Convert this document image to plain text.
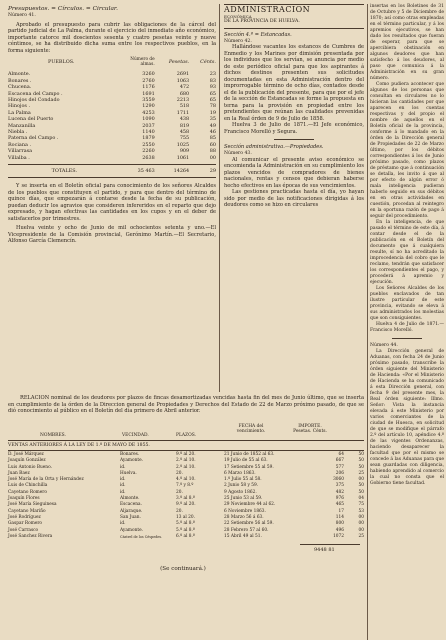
Presupuestos. = Círculos. = Circular.

Número 41.

Aprobado el presupuesto para cubrir las obligaciones de la cárcel del partido judicial de La Palma, durante el ejercicio del inmediato año económico, importante catorce mil doscientos sesenta y cuatro pesetas veinte y nueve céntimos, se ha distribuido dicha suma entre los respectivos pueblos, en la forma siguiente:

PUEBLOS.	Número de almas.	Pesetas.	Cénts.

Almonte.	3260	2691	23
Bonares .	2760	1063	83
Chucena.	1176	472	93
Escacena del Campo .	1691	680	65
Hinojos del Condado	3559	2213	65
Hinojos .	1290	518	78
La Palma	4253	1711	19
Lucena del Puerto	1090	438	35
Manzanilla	2037	819	49
Niebla .	1140	458	46
Paterna del Campo .	1879	755	85
Rociana .	2550	1025	60
Villarrasa	2260	909	88
Villalba .	2638	1061	00

TOTALES.	35 463	14264	29

Y se inserta en el Boletín oficial para conocimiento de los señores Alcaldes de los pueblos que constituyen el partido, y para que dentro del término de quince días, que empezarán á contarse desde la fecha de su publicación, puedan deducir los agravios que consideren infereridos en el reparto que dejo expresado, y hagan efectivas las cantidades en los cupos y en el deber de satisfacerlos por trimestres.

Huelva veinte y ocho de Junio de mil ochocientos setenta y uno.—El Vicepresidente de la Comisión provincial, Gerónimo Martín.—El Secretario, Alfonso García Clemencín.

ADMINISTRACION

ECONÓMICA

DE LA PROVINCIA DE HUELVA.

Sección 4.ª = Estancadas.

Número 42.

Hallándose vacantes los estancos de Cumbres de Enmedio y los Marines por dimisión presentada por los individuos que los servían, se anuncia por medio de este periódico oficial para que los aspirantes á dichos destinos presenten sus solicitudes documentadas en esta Administración dentro del improrrogable término de ocho días, contados desde el de la publicación del presente, para que por el jefe de la sección de Estancadas se forme la propuesta en terna para la provisión en propiedad entre los pretendientes que reúnan las cualidades prevenidas en la Real órden de 9 de Julio de 1858.

Huelva 3 de Julio de 1871.—El Jefe económico, Francisco Morelló y Segura.

Sección administrativa.—Propiedades.

Número 43.

Al comunicar el presente aviso económico se encomienda la Administración en su cumplimiento los plazos vencidos de compradores de bienes nacionales, rentas y censos que debieran haberse hecho efectivos en las épocas de sus vencimientos.

Las gestiones practicadas hasta el día, yo hayan sido por medio de las notificaciones dirigidas á los deudores como se hizo en circulares

insertas en los Boletines de 31 de Octubre y 5 de Diciembre de 1870; así como otras empleadas en el término particular, y á los apremios ejecutivos, se han dado los resultados que fueran de esperar, para que se apercibiera obstinación en algunos deudores que han satisfecho á los deudores, al paso que comunica á la Administración en su gran número.

Como pudiera acontecer que algunos de los personas que consultan en circulares no lo hicieran las cantidades por que aparecen en los cuentas respectivas y del propio el nombre de aquellos en el Boletín oficial de la provincia, conforme á lo mandado en la órden de la Dirección general de Propiedades de 22 de Marzo último, por los débitos correspondientes á los de Junio próximo pasado, como plazos de préstamo que á continuación se detalla, les invito á que al por efecto de algún error ó mala inteligencia pudieran haberlo seguido en sus débitos en en otras actividades en cuestión, procedan al reintegro en la oportuna razón de pago á seguir del procedimiento.

En la inteligencia, de que pasado el término de este día, á contar desde el de la publicación en el Boletín del documento que á cualquiera resulte, sí no ha acreditado la improcedencia del cobro que le reclamo, tendrán que satisfacer los correspondientes el pago, y procederá á apremio y ejecución.

Los Señores Alcaldes de los pueblos enclavados de tan ilustre particular de este provincia, evitando se eleva á sus administrados los molestias que son consiguientes.

Huelva 4 de Julio de 1871.—Francisco Morelló.

Número 44.

La Dirección general de Aduanas, con fecha 24 de Junio próximo pasado, transcribe la órden siguiente del Ministerio de Hacienda: «Por el Ministerio de Hacienda se ha comunicado á esta Dirección general, con fecha 9 del presente mes, la Real órden siguiente: Illmo. Señor: Vista la instancia elevada á este Ministerio por varios comerciantes de la ciudad de Huesca, en solicitud de que se modifique el párrafo 2.º del artículo 10, apéndice 4.º de las vigentes Ordenanzas, haciendo desaparecer la facultad que por el mismo se concede á las Aduanas para que sean guardadas con diligencia, habiendo aprendido al comercio la cual no consta que el Gobierno tiene facultad.

RELACION nominal de los deudores por plazos de fincas desamortizadas vencidas hasta fin del mes de Junio último, que se inserta en cumplimiento de la órden de la Direccion general de Propiedades y Derechos del Estado de 22 de Marzo próximo pasado, de que se dió conocimiento al público en el Boletín del día primero de Abril anterior.

NOMBRES.	VECINDAD.	PLAZOS.
FECHA del vencimiento.
IMPORTE. Pesetas. Cénts.

VENTAS ANTERIORES Á LA LEY DE 1.º DE MAYO DE 1855.

D. José Márquez	Bonares.	9.º al 20.	21 Junio de 1852 al 63.	64	50
Joaquín González	Ayamonte.	2.º al 10.	19 Julio de 55 al 63.	667	50
Luis Antonio Bueno.	id.	2.º al 10.	17 Setiembre 55 al 59.	577	50
Juan Baez	Huelva.	20.	6 Marzo 1863.	206	25
José María de la Orta y Hernández	id.	4.º al 10.	1.º Julio 55 al 58.	3060	00
Luis de Chinchilla	id.	7.º y 8.º	2 Junio 58 y 59.	375	50
Cayetano Romero	id.	20.	9 Agosto 1862.	482	50
Joaquín Flores	Almonte.	3.º al 8.º	25 Junio 53 al 59.	976	04
José María Sieguinesa	Escacena.	9.º al 20.	29 Noviembre 44 al 62.	465	75
Cayetano Mariño	Aljaraque.	20.	6 Noviembre 1863.	17	53
José Rodríguez	San Juan.	13 al 20.	28 Marzo 56 á 63.	114	00
Gaspar Romero	id.	5.º al 8.º	22 Setiembre 56 al 59.	800	00
José Carrasco	Ayamonte.	5.º al 8.º	28 Febrero 57 al 60.	496	00
José Sanchez Rivera	Cástrel de los Céspedes.	6.º al 8.º	15 Abril 49 al 51.	1072	25
9448 81
(Se continuará.)
